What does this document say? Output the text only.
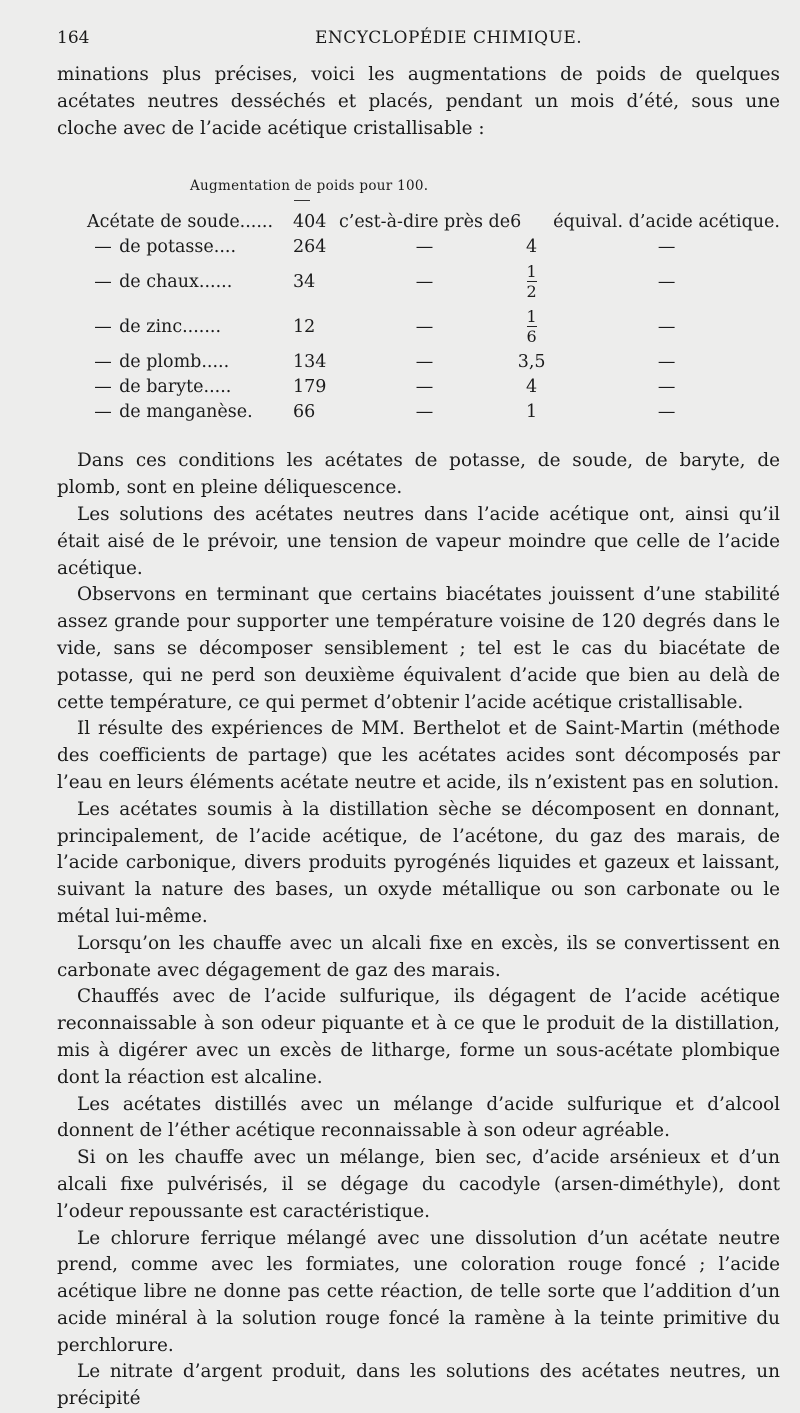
164	ENCYCLOPÉDIE CHIMIQUE.

minations plus précises, voici les augmentations de poids de quelques acétates neutres desséchés et placés, pendant un mois d’été, sous une cloche avec de l’acide acétique cristallisable :

Augmentation de poids pour 100.
Acétate de soude......		404	c’est-à-dire près de	6	équival. d’acide acétique.
—	de potasse....	264	—	4	—
—	de chaux......	34	—	$\frac{1}{2}$	—
—	de zinc.......	12	—	$\frac{1}{6}$	—
—	de plomb.....	134	—	3,5	—
—	de baryte.....	179	—	4	—
—	de manganèse.	66	—	1	—

Dans ces conditions les acétates de potasse, de soude, de baryte, de plomb, sont en pleine déliquescence.

Les solutions des acétates neutres dans l’acide acétique ont, ainsi qu’il était aisé de le prévoir, une tension de vapeur moindre que celle de l’acide acétique.

Observons en terminant que certains biacétates jouissent d’une stabilité assez grande pour supporter une température voisine de 120 degrés dans le vide, sans se décomposer sensiblement ; tel est le cas du biacétate de potasse, qui ne perd son deuxième équivalent d’acide que bien au delà de cette température, ce qui permet d’obtenir l’acide acétique cristallisable.

Il résulte des expériences de MM. Berthelot et de Saint-Martin (méthode des coefficients de partage) que les acétates acides sont décomposés par l’eau en leurs éléments acétate neutre et acide, ils n’existent pas en solution.

Les acétates soumis à la distillation sèche se décomposent en donnant, principalement, de l’acide acétique, de l’acétone, du gaz des marais, de l’acide carbonique, divers produits pyrogénés liquides et gazeux et laissant, suivant la nature des bases, un oxyde métallique ou son carbonate ou le métal lui-même.

Lorsqu’on les chauffe avec un alcali fixe en excès, ils se convertissent en carbonate avec dégagement de gaz des marais.

Chauffés avec de l’acide sulfurique, ils dégagent de l’acide acétique reconnaissable à son odeur piquante et à ce que le produit de la distillation, mis à digérer avec un excès de litharge, forme un sous-acétate plombique dont la réaction est alcaline.

Les acétates distillés avec un mélange d’acide sulfurique et d’alcool donnent de l’éther acétique reconnaissable à son odeur agréable.

Si on les chauffe avec un mélange, bien sec, d’acide arsénieux et d’un alcali fixe pulvérisés, il se dégage du cacodyle (arsen-diméthyle), dont l’odeur repoussante est caractéristique.

Le chlorure ferrique mélangé avec une dissolution d’un acétate neutre prend, comme avec les formiates, une coloration rouge foncé ; l’acide acétique libre ne donne pas cette réaction, de telle sorte que l’addition d’un acide minéral à la solution rouge foncé la ramène à la teinte primitive du perchlorure.

Le nitrate d’argent produit, dans les solutions des acétates neutres, un précipité
